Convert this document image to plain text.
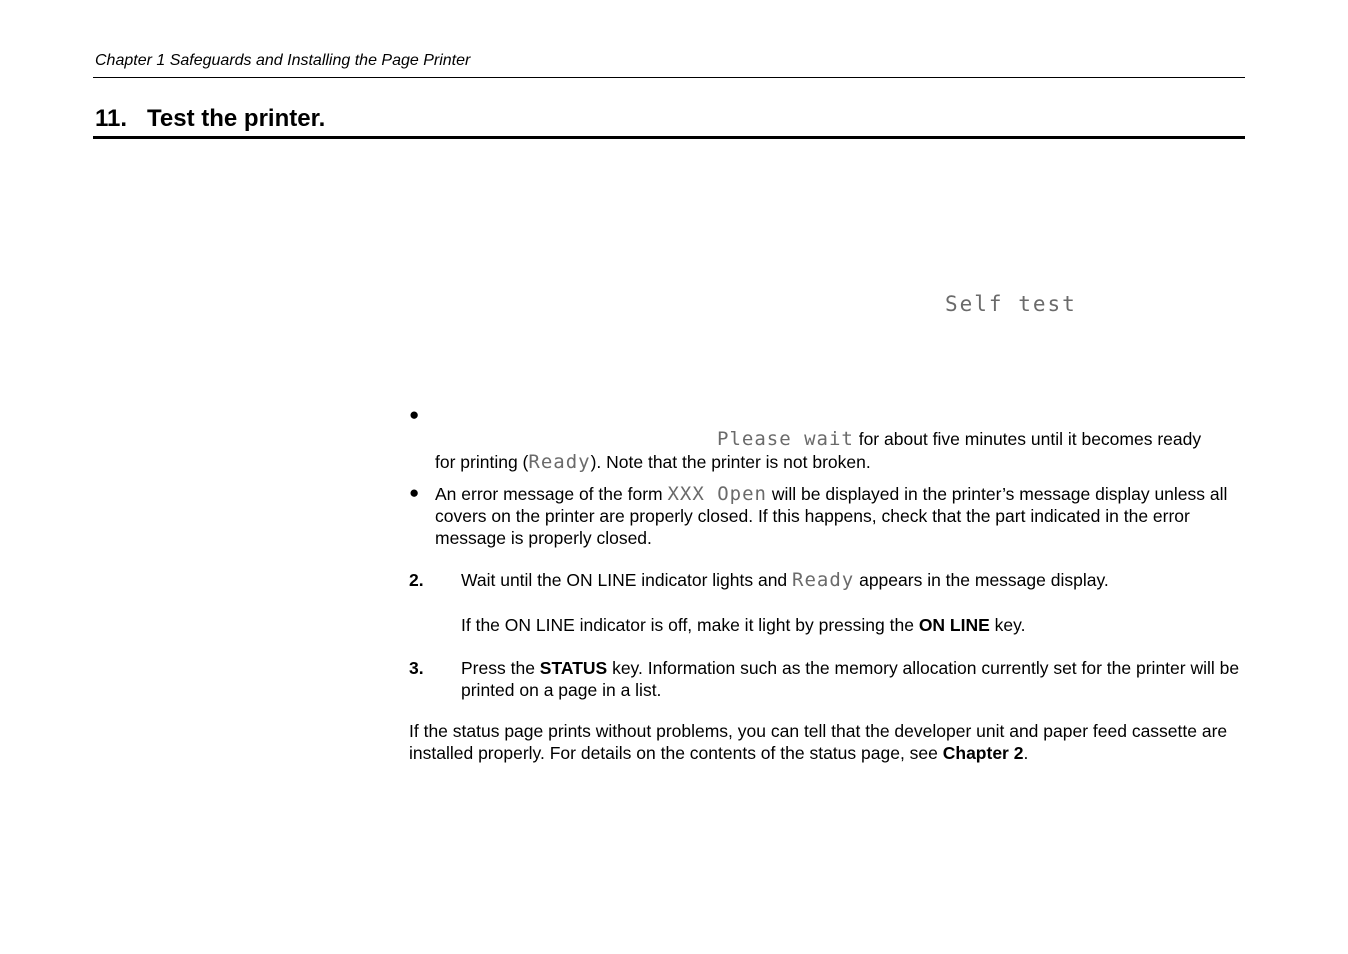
Chapter 1 Safeguards and Installing the Page Printer
11. Test the printer.
Self test
●
Please wait for about five minutes until it becomes ready
for printing (Ready). Note that the printer is not broken.
● An error message of the form XXX Open will be displayed in the printer’s message display unless all covers on the printer are properly closed. If this happens, check that the part indicated in the error message is properly closed.
2. Wait until the ON LINE indicator lights and Ready appears in the message display.
If the ON LINE indicator is off, make it light by pressing the ON LINE key.
3. Press the STATUS key. Information such as the memory allocation currently set for the printer will be printed on a page in a list.
If the status page prints without problems, you can tell that the developer unit and paper feed cassette are installed properly. For details on the contents of the status page, see Chapter 2.
